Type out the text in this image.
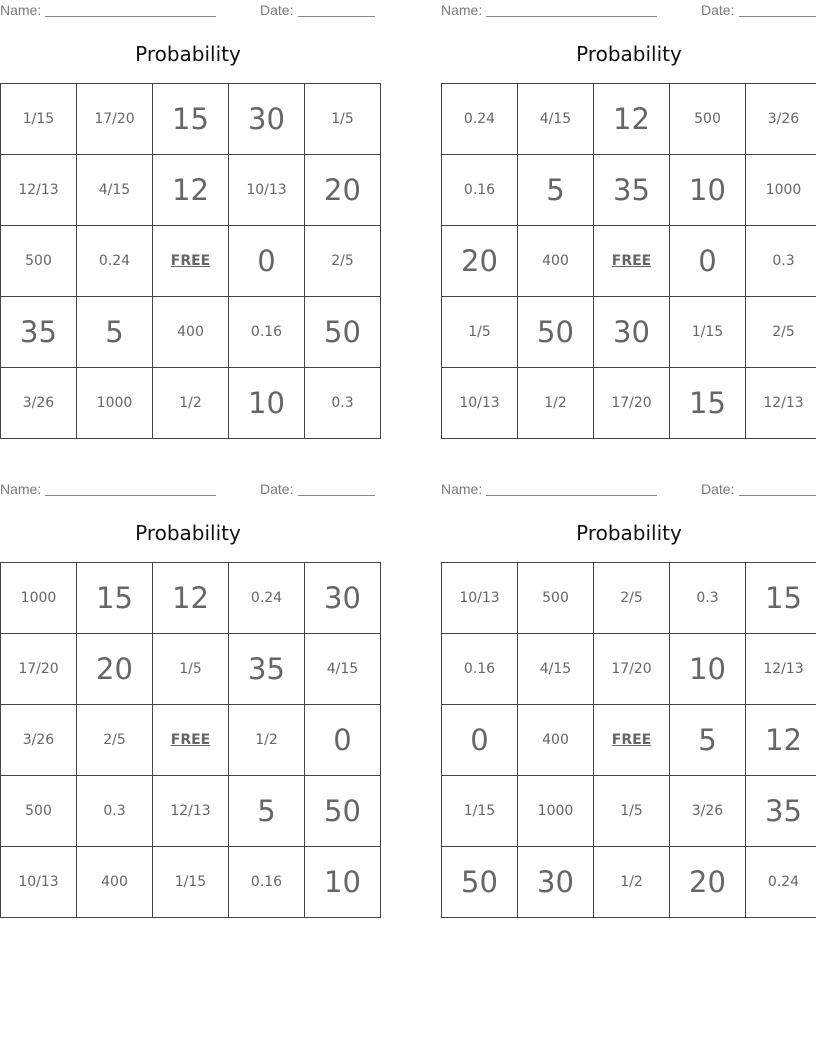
Name:	Date:
Probability
1/15	17/20	15	30	1/5
12/13	4/15	12	10/13	20
500	0.24	FREE	0	2/5
35	5	400	0.16	50
3/26	1000	1/2	10	0.3
Name:	Date:
Probability
0.24	4/15	12	500	3/26
0.16	5	35	10	1000
20	400	FREE	0	0.3
1/5	50	30	1/15	2/5
10/13	1/2	17/20	15	12/13
Name:	Date:
Probability
1000	15	12	0.24	30
17/20	20	1/5	35	4/15
3/26	2/5	FREE	1/2	0
500	0.3	12/13	5	50
10/13	400	1/15	0.16	10
Name:	Date:
Probability
10/13	500	2/5	0.3	15
0.16	4/15	17/20	10	12/13
0	400	FREE	5	12
1/15	1000	1/5	3/26	35
50	30	1/2	20	0.24
